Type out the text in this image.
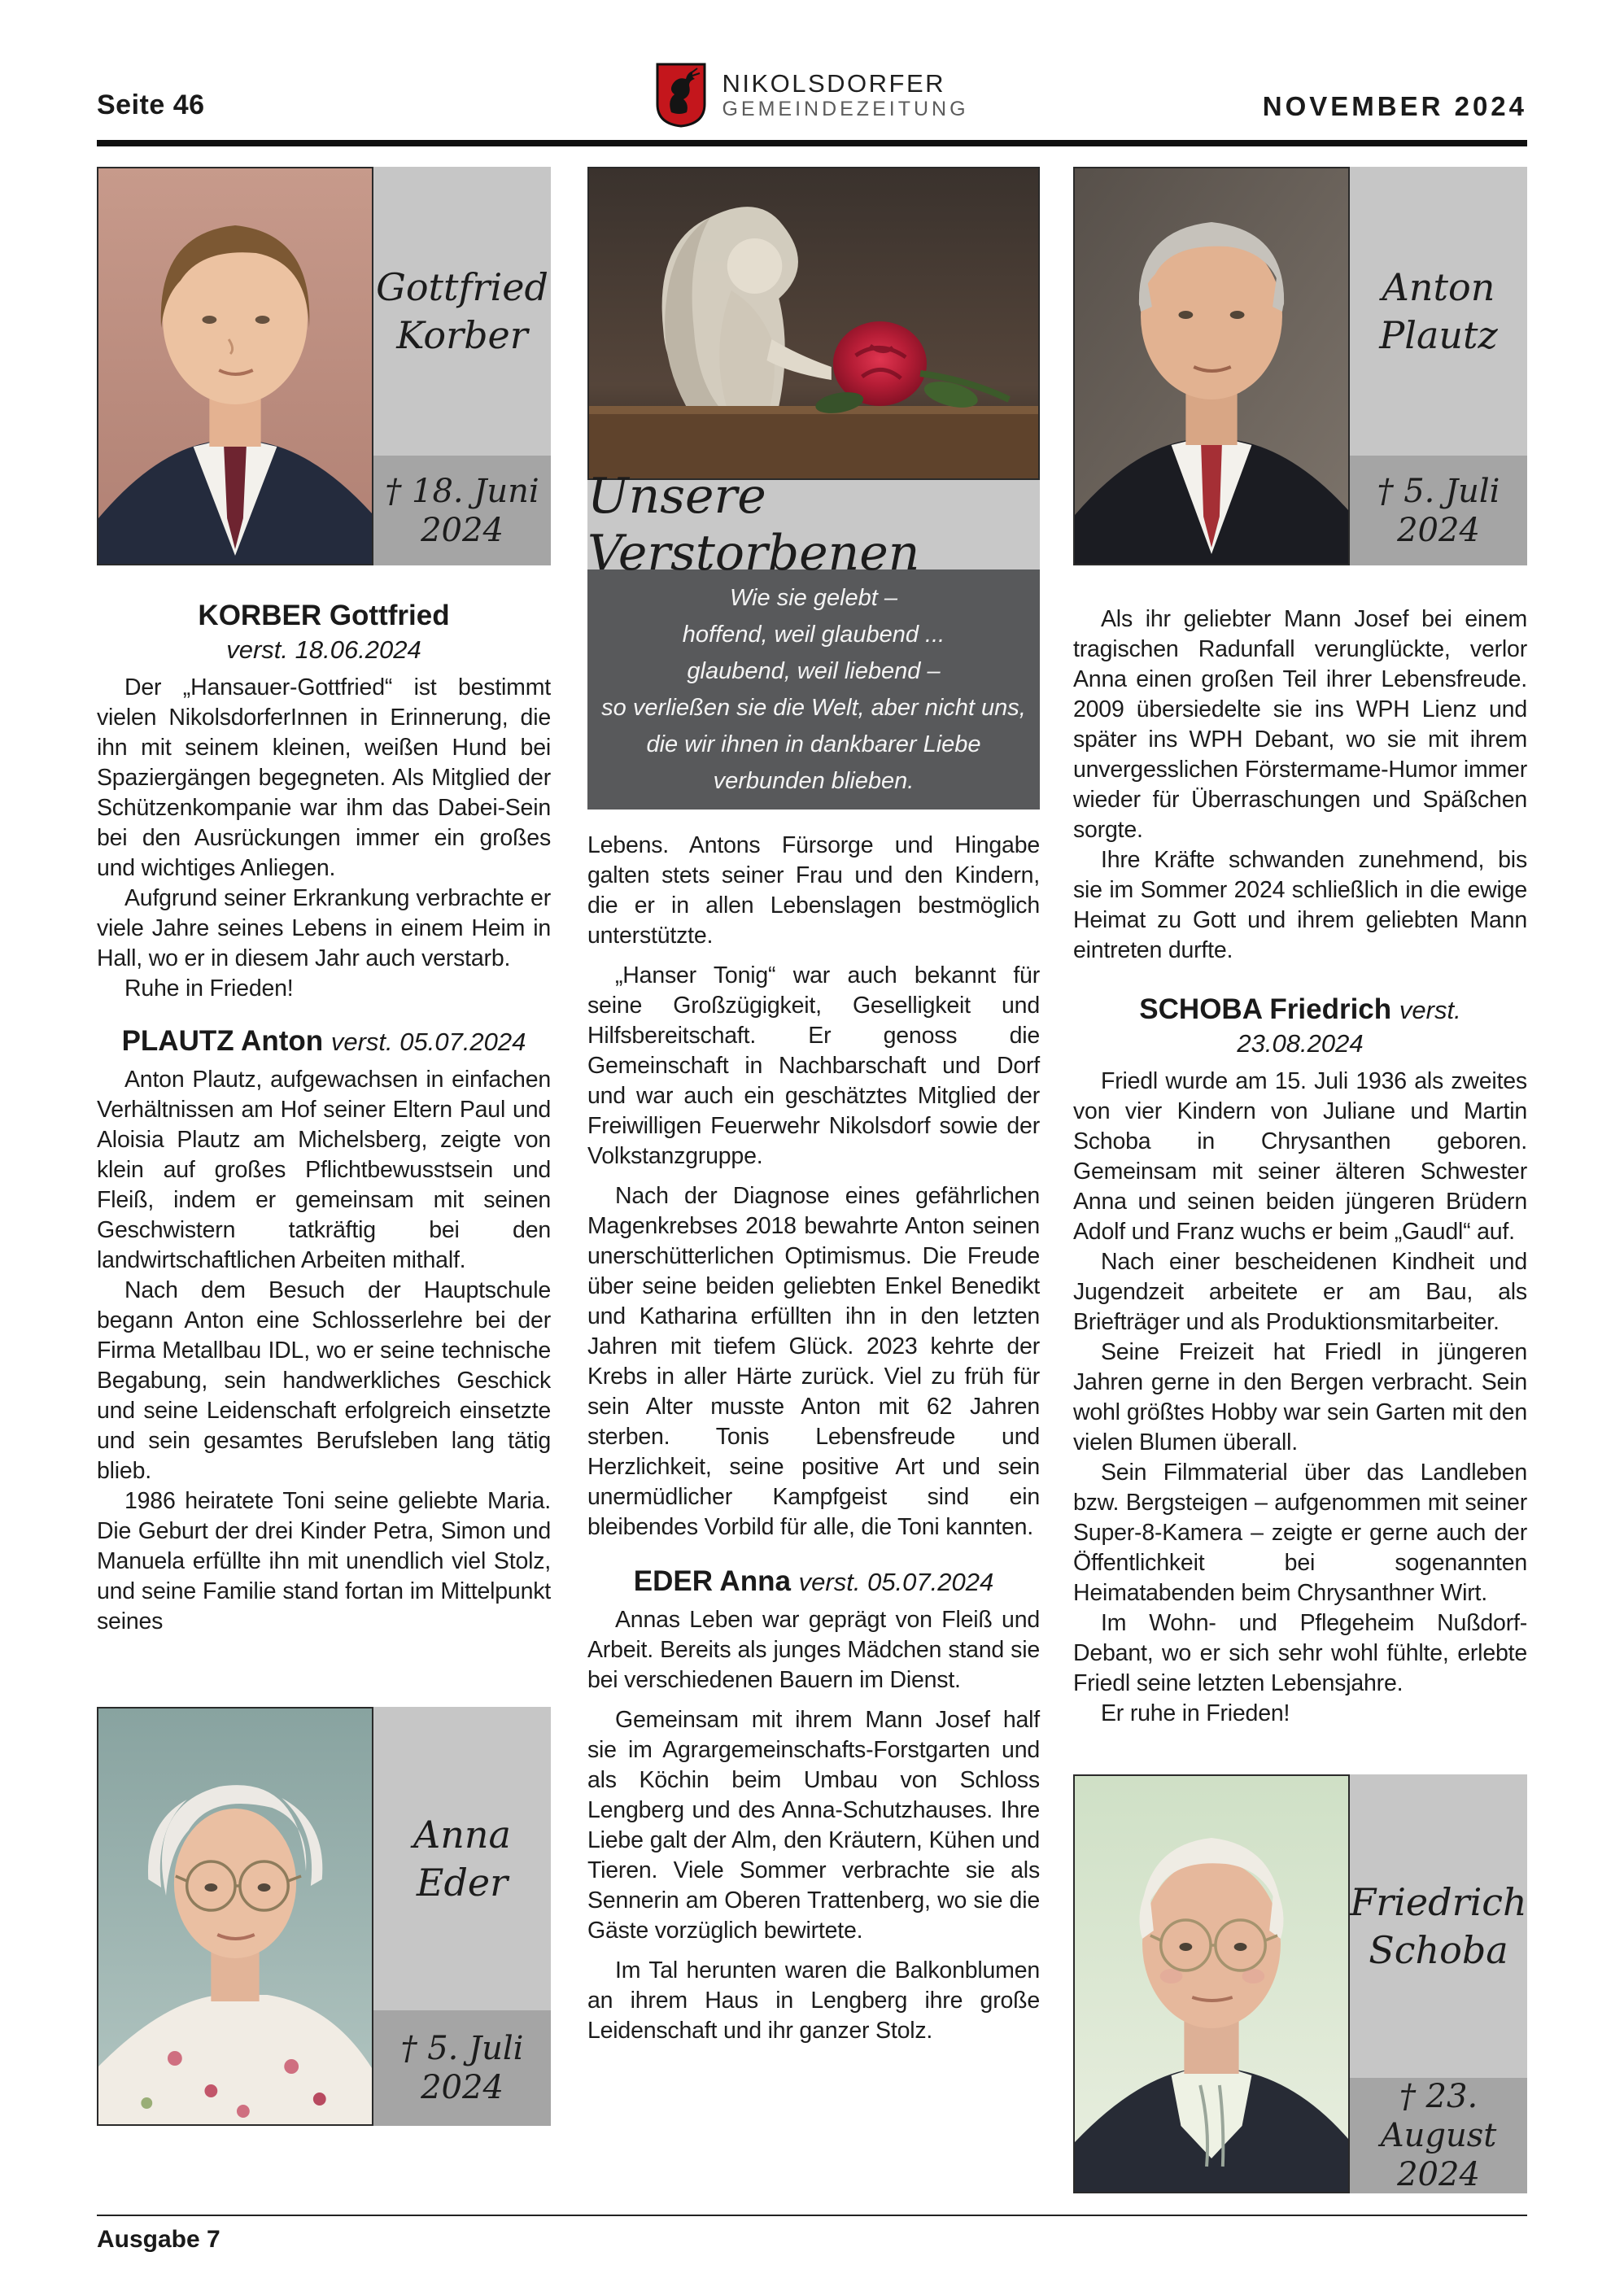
Seite 46
NIKOLSDORFER
GEMEINDEZEITUNG	NOVEMBER 2024
Gottfried
Korber
† 18. Juni
2024
KORBER Gottfried
verst. 18.06.2024

Der „Hansauer-Gottfried“ ist bestimmt vielen NikolsdorferInnen in Erinnerung, die ihn mit seinem kleinen, weißen Hund bei Spaziergängen begegneten. Als Mitglied der Schützenkompanie war ihm das Dabei-Sein bei den Ausrückungen immer ein großes und wichtiges Anliegen.

Aufgrund seiner Erkrankung verbrachte er viele Jahre seines Lebens in einem Heim in Hall, wo er in diesem Jahr auch verstarb.

Ruhe in Frieden!

PLAUTZ Anton verst. 05.07.2024

Anton Plautz, aufgewachsen in einfachen Verhältnissen am Hof seiner Eltern Paul und Aloisia Plautz am Michelsberg, zeigte von klein auf großes Pflichtbewusstsein und Fleiß, indem er gemeinsam mit seinen Geschwistern tatkräftig bei den landwirtschaftlichen Arbeiten mithalf.

Nach dem Besuch der Hauptschule begann Anton eine Schlosserlehre bei der Firma Metallbau IDL, wo er seine technische Begabung, sein handwerkliches Geschick und seine Leidenschaft erfolgreich einsetzte und sein gesamtes Berufsleben lang tätig blieb.

1986 heiratete Toni seine geliebte Maria. Die Geburt der drei Kinder Petra, Simon und Manuela erfüllte ihn mit unendlich viel Stolz, und seine Familie stand fortan im Mittelpunkt seines

Anna
Eder
† 5. Juli
2024
Unsere Verstorbenen
Wie sie gelebt –
hoffend, weil glaubend ...
glaubend, weil liebend –
so verließen sie die Welt, aber nicht uns,
die wir ihnen in dankbarer Liebe
verbunden blieben.

Lebens. Antons Fürsorge und Hingabe galten stets seiner Frau und den Kindern, die er in allen Lebenslagen bestmöglich unterstützte.

„Hanser Tonig“ war auch bekannt für seine Großzügigkeit, Geselligkeit und Hilfsbereitschaft. Er genoss die Gemeinschaft in Nachbarschaft und Dorf und war auch ein geschätztes Mitglied der Freiwilligen Feuerwehr Nikolsdorf sowie der Volkstanzgruppe.

Nach der Diagnose eines gefährlichen Magenkrebses 2018 bewahrte Anton seinen unerschütterlichen Optimismus. Die Freude über seine beiden geliebten Enkel Benedikt und Katharina erfüllten ihn in den letzten Jahren mit tiefem Glück. 2023 kehrte der Krebs in aller Härte zurück. Viel zu früh für sein Alter musste Anton mit 62 Jahren sterben. Tonis Lebensfreude und Herzlichkeit, seine positive Art und sein unermüdlicher Kampfgeist sind ein bleibendes Vorbild für alle, die Toni kannten.

EDER Anna verst. 05.07.2024

Annas Leben war geprägt von Fleiß und Arbeit. Bereits als junges Mädchen stand sie bei verschiedenen Bauern im Dienst.

Gemeinsam mit ihrem Mann Josef half sie im Agrargemeinschafts-Forstgarten und als Köchin beim Umbau von Schloss Lengberg und des Anna-Schutzhauses. Ihre Liebe galt der Alm, den Kräutern, Kühen und Tieren. Viele Sommer verbrachte sie als Sennerin am Oberen Trattenberg, wo sie die Gäste vorzüglich bewirtete.

Im Tal herunten waren die Balkonblumen an ihrem Haus in Lengberg ihre große Leidenschaft und ihr ganzer Stolz.

Anton
Plautz
† 5. Juli
2024

Als ihr geliebter Mann Josef bei einem tragischen Radunfall verunglückte, verlor Anna einen großen Teil ihrer Lebensfreude. 2009 übersiedelte sie ins WPH Lienz und später ins WPH Debant, wo sie mit ihrem unvergesslichen Förstermame-Humor immer wieder für Überraschungen und Späßchen sorgte.

Ihre Kräfte schwanden zunehmend, bis sie im Sommer 2024 schließlich in die ewige Heimat zu Gott und ihrem geliebten Mann eintreten durfte.

SCHOBA Friedrich verst. 23.08.2024

Friedl wurde am 15. Juli 1936 als zweites von vier Kindern von Juliane und Martin Schoba in Chrysanthen geboren. Gemeinsam mit seiner älteren Schwester Anna und seinen beiden jüngeren Brüdern Adolf und Franz wuchs er beim „Gaudl“ auf.

Nach einer bescheidenen Kindheit und Jugendzeit arbeitete er am Bau, als Briefträger und als Produktionsmitarbeiter.

Seine Freizeit hat Friedl in jüngeren Jahren gerne in den Bergen verbracht. Sein wohl größtes Hobby war sein Garten mit den vielen Blumen überall.

Sein Filmmaterial über das Landleben bzw. Bergsteigen – aufgenommen mit seiner Super-8-Kamera – zeigte er gerne auch der Öffentlichkeit bei sogenannten Heimatabenden beim Chrysanthner Wirt.

Im Wohn- und Pflegeheim Nußdorf-Debant, wo er sich sehr wohl fühlte, erlebte Friedl seine letzten Lebensjahre.

Er ruhe in Frieden!

Friedrich
Schoba
† 23. August
2024
Ausgabe 7
